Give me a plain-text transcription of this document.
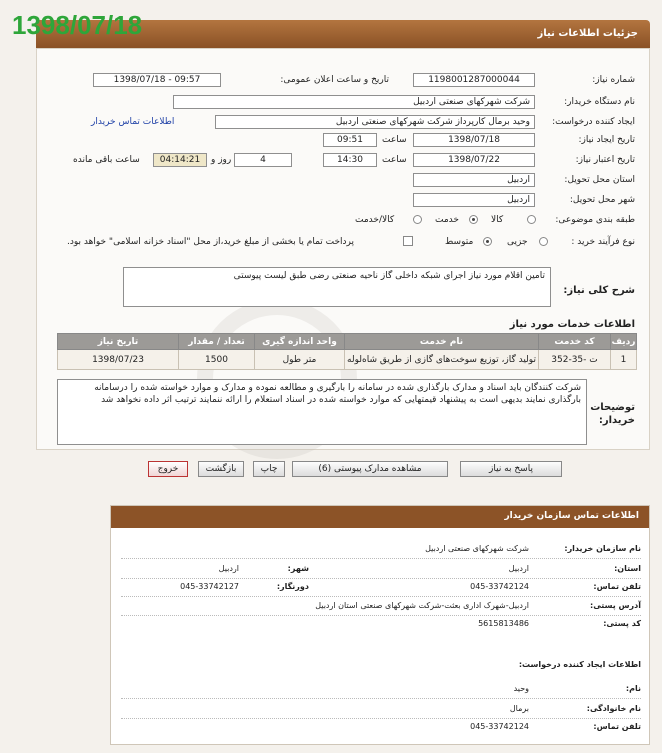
1398/07/18	جزئیات اطلاعات نیاز
شماره نیاز:
1198001287000044
تاریخ و ساعت اعلان عمومی:
1398/07/18 - 09:57
نام دستگاه خریدار:
شرکت شهرکهای صنعتی اردبیل
ایجاد کننده درخواست:
وحید برمال کارپرداز شرکت شهرکهای صنعتی اردبیل
اطلاعات تماس خریدار
تاریخ ایجاد نیاز:
1398/07/18
ساعت
09:51
تاریخ اعتبار نیاز:
1398/07/22
ساعت
14:30
4
روز و
04:14:21
ساعت باقی مانده
استان محل تحویل:
اردبیل
شهر محل تحویل:
اردبیل
طبقه بندی موضوعی:
کالا
خدمت
کالا/خدمت
نوع فرآیند خرید :
جزیی
متوسط
پرداخت تمام یا بخشی از مبلغ خرید،از محل "اسناد خزانه اسلامی" خواهد بود.
شرح کلی نیاز:
تامین اقلام مورد نیاز اجرای شبکه داخلی گاز ناحیه صنعتی رضی طبق لیست پیوستی
اطلاعات خدمات مورد نیاز
ردیف	کد خدمت	نام خدمت	واحد اندازه گیری	تعداد / مقدار	تاریخ نیاز
1	ت -35-352	تولید گاز، توزیع سوخت‌های گازی از طریق شاه‌لوله	متر طول	1500	1398/07/23
توضیحات خریدار:
شرکت کنندگان باید اسناد و مدارک بارگذاری شده در سامانه را بارگیری و مطالعه نموده و مدارک و موارد خواسته شده را درسامانه بارگذاری نمایند بدیهی است به پیشنهاد قیمتهایی که موارد خواسته شده در اسناد استعلام را ارائه ننمایند ترتیب اثر داده نخواهد شد
پاسخ به نیاز
مشاهده مدارک پیوستی (6)
چاپ
بازگشت
خروج
اطلاعات تماس سازمان خریدار
نام سازمان خریدار:
شرکت شهرکهای صنعتی اردبیل
استان:
اردبیل
شهر:
اردبیل
تلفن تماس:
045-33742124
دورنگار:
045-33742127
آدرس پستی:
اردبیل-شهرک اداری بعثت-شرکت شهرکهای صنعتی استان اردبیل
کد پستی:
5615813486
اطلاعات ایجاد کننده درخواست:
نام:
وحید
نام خانوادگی:
برمال
تلفن تماس:
045-33742124
